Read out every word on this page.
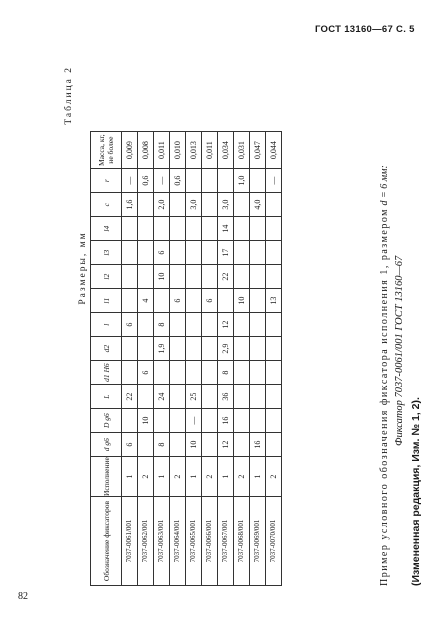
ГОСТ 13160—67 С. 5
82
Таблица 2
Размеры, мм
Обозначение фиксаторов	Исполнение	d g6	D g6	L	d1 H6	d2	l	l1	l2	l3	l4	c	r	Масса, кг, не более
7037-0061/001	1	6		22			6					1,6	—	0,009
7037-0062/001	2		10		6			4					0,6	0,008
7037-0063/001	1	8		24		1,9	8		10	6		2,0	—	0,011
7037-0064/001	2							6					0,6	0,010
7037-0065/001	1	10	—	25								3,0		0,013
7037-0066/001	2							6						0,011
7037-0067/001	1	12	16	36	8	2,9	12		22	17	14	3,0		0,034
7037-0068/001	2							10					1,0	0,031
7037-0069/001	1	16										4,0		0,047
7037-0070/001	2							13					—	0,044
Пример условного обозначения фиксатора исполнения 1, размером d = 6 мм:
Фиксатор 7037-0061/001 ГОСТ 13160—67
(Измененная редакция, Изм. № 1, 2).
